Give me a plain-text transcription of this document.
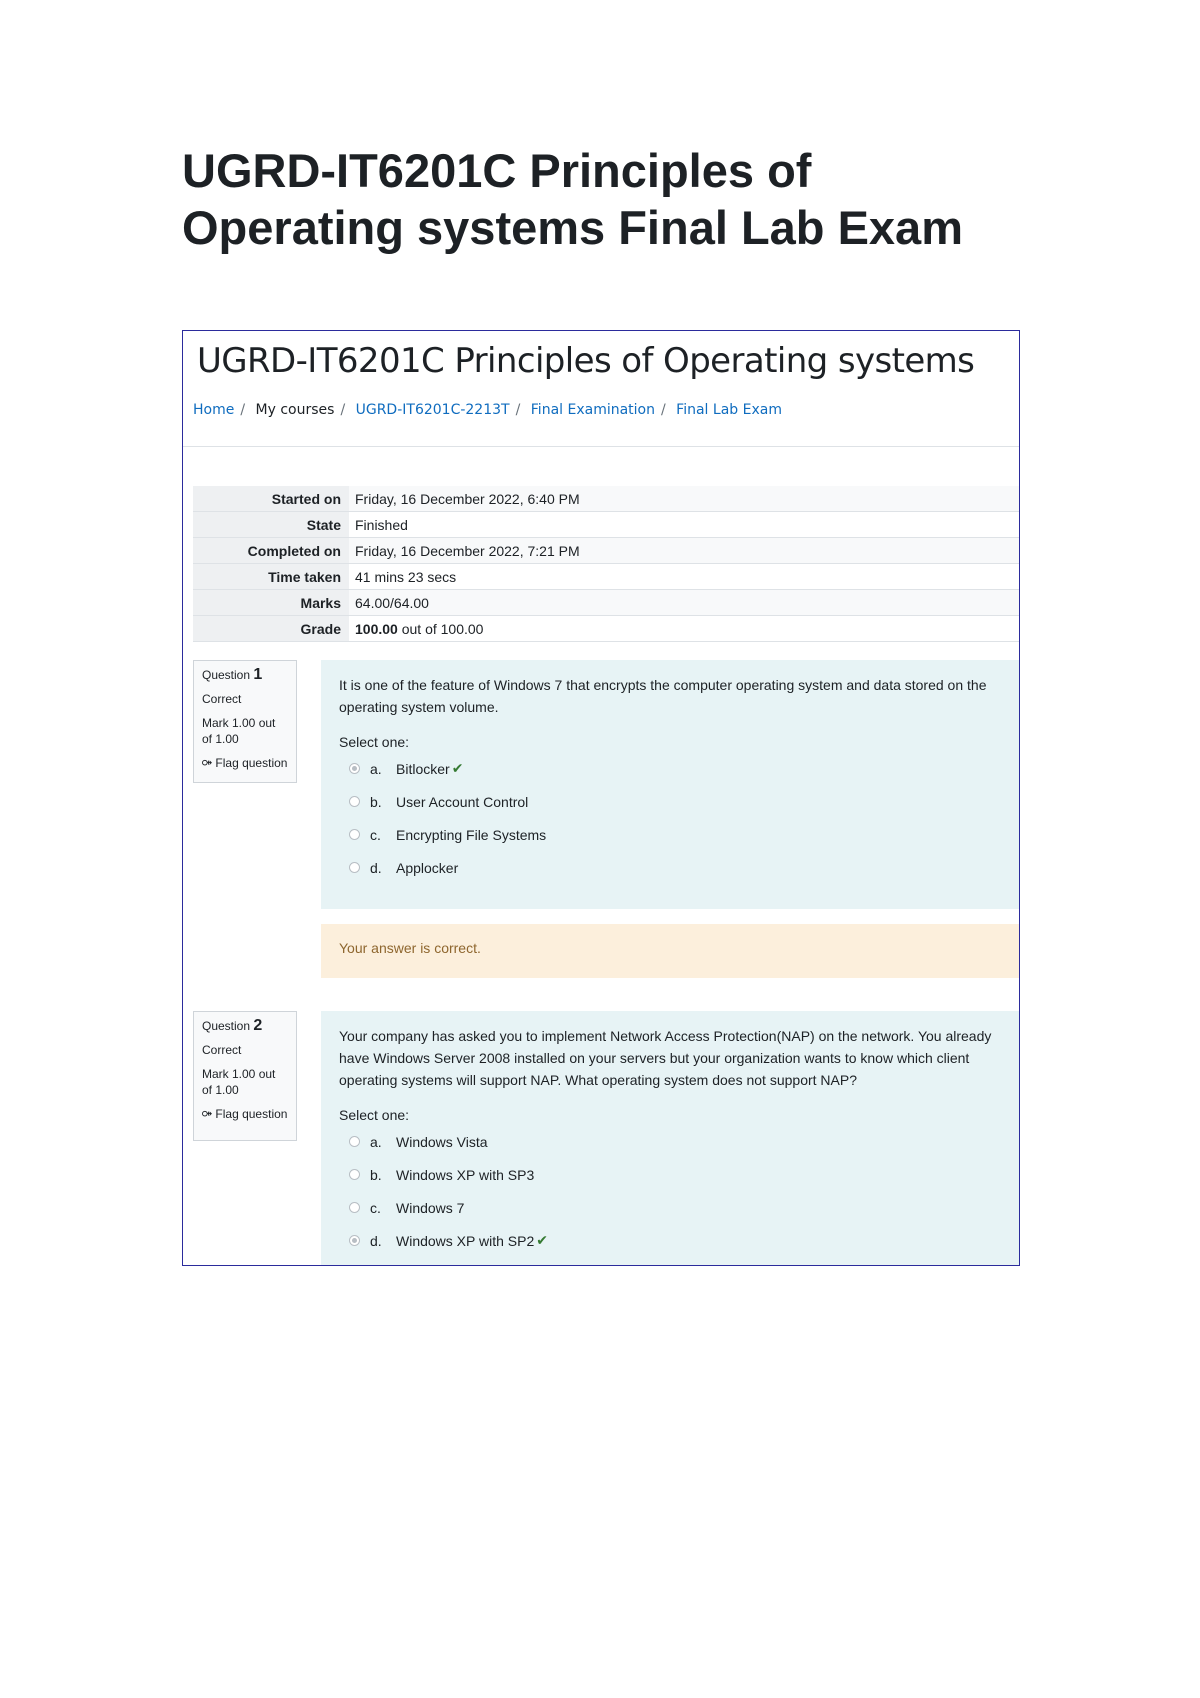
UGRD-IT6201C Principles of Operating systems Final Lab Exam
UGRD-IT6201C Principles of Operating systems
Home / My courses / UGRD-IT6201C-2213T / Final Examination / Final Lab Exam
Started on	Friday, 16 December 2022, 6:40 PM
State	Finished
Completed on	Friday, 16 December 2022, 7:21 PM
Time taken	41 mins 23 secs
Marks	64.00/64.00
Grade	100.00 out of 100.00
Question 1
Correct
Mark 1.00 out of 1.00
⚩ Flag question

It is one of the feature of Windows 7 that encrypts the computer operating system and data stored on the operating system volume.

Select one:

a.	Bitlocker ✔
b.	User Account Control
c.	Encrypting File Systems
d.	Applocker
Your answer is correct.
Question 2
Correct
Mark 1.00 out of 1.00
⚩ Flag question

Your company has asked you to implement Network Access Protection(NAP) on the network. You already have Windows Server 2008 installed on your servers but your organization wants to know which client operating systems will support NAP. What operating system does not support NAP?

Select one:

a.	Windows Vista
b.	Windows XP with SP3
c.	Windows 7
d.	Windows XP with SP2 ✔
